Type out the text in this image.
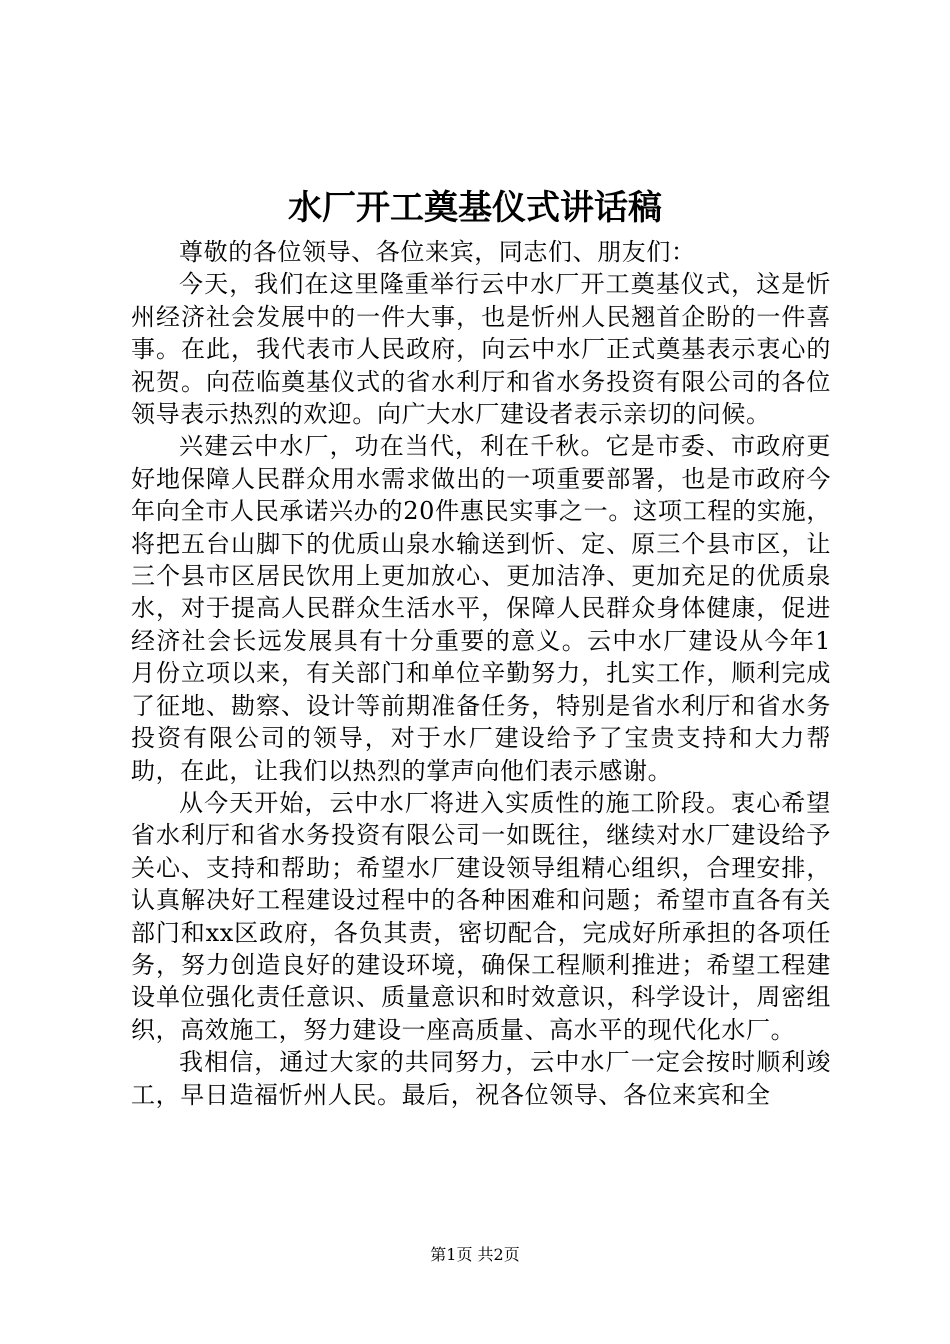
水厂开工奠基仪式讲话稿

尊敬的各位领导、各位来宾，同志们、朋友们：

今天，我们在这里隆重举行云中水厂开工奠基仪式，这是忻州经济社会发展中的一件大事，也是忻州人民翘首企盼的一件喜事。在此，我代表市人民政府，向云中水厂正式奠基表示衷心的祝贺。向莅临奠基仪式的省水利厅和省水务投资有限公司的各位领导表示热烈的欢迎。向广大水厂建设者表示亲切的问候。

兴建云中水厂，功在当代，利在千秋。它是市委、市政府更好地保障人民群众用水需求做出的一项重要部署，也是市政府今年向全市人民承诺兴办的20件惠民实事之一。这项工程的实施，将把五台山脚下的优质山泉水输送到忻、定、原三个县市区，让三个县市区居民饮用上更加放心、更加洁净、更加充足的优质泉水，对于提高人民群众生活水平，保障人民群众身体健康，促进经济社会长远发展具有十分重要的意义。云中水厂建设从今年1月份立项以来，有关部门和单位辛勤努力，扎实工作，顺利完成了征地、勘察、设计等前期准备任务，特别是省水利厅和省水务投资有限公司的领导，对于水厂建设给予了宝贵支持和大力帮助，在此，让我们以热烈的掌声向他们表示感谢。

从今天开始，云中水厂将进入实质性的施工阶段。衷心希望省水利厅和省水务投资有限公司一如既往，继续对水厂建设给予关心、支持和帮助；希望水厂建设领导组精心组织，合理安排，认真解决好工程建设过程中的各种困难和问题；希望市直各有关部门和xx区政府，各负其责，密切配合，完成好所承担的各项任务，努力创造良好的建设环境，确保工程顺利推进；希望工程建设单位强化责任意识、质量意识和时效意识，科学设计，周密组织，高效施工，努力建设一座高质量、高水平的现代化水厂。

我相信，通过大家的共同努力，云中水厂一定会按时顺利竣工，早日造福忻州人民。最后，祝各位领导、各位来宾和全

第1页 共2页
